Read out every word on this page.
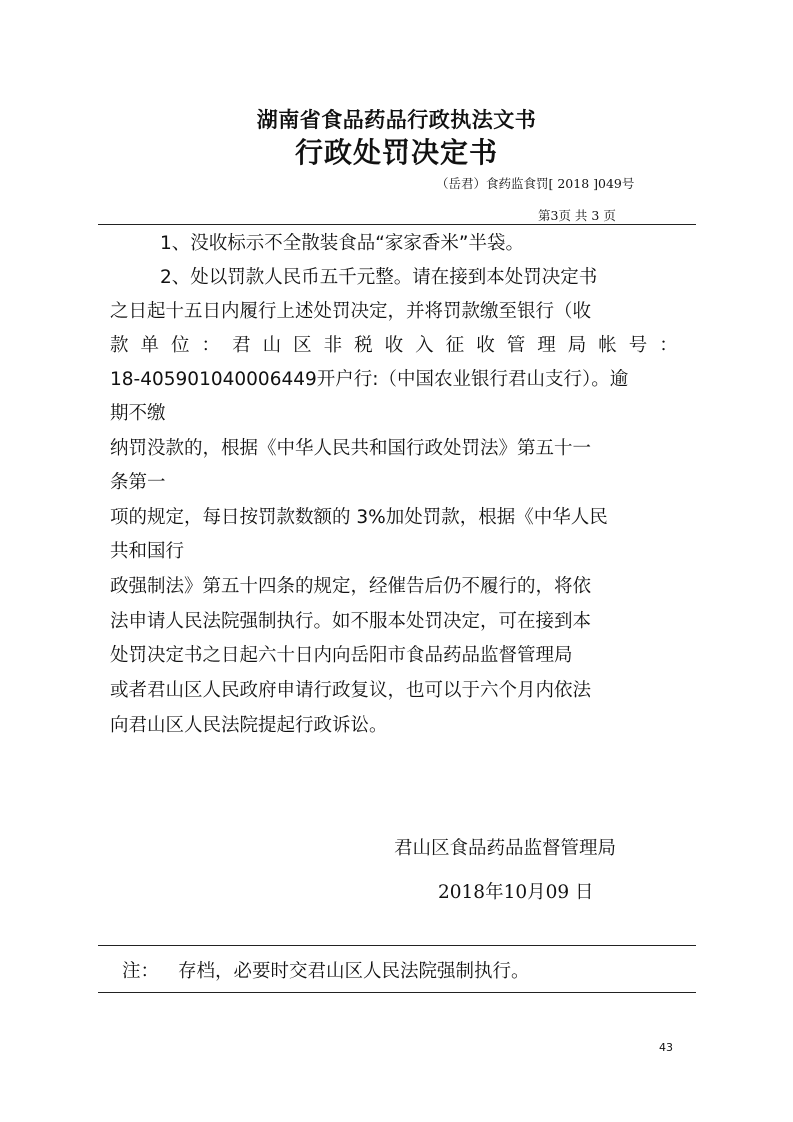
湖南省食品药品行政执法文书
行政处罚决定书
（岳君）食药监食罚[ 2018 ]049号
第3页 共 3 页
1、没收标示不全散装食品“家家香米”半袋。
2、处以罚款人民币五千元整。请在接到本处罚决定书
之日起十五日内履行上述处罚决定，并将罚款缴至银行（收
款 单 位 ： 君 山 区 非 税 收 入 征 收 管 理 局 帐 号 ：
18-405901040006449开户行:（中国农业银行君山支行）。逾
期不缴
纳罚没款的，根据《中华人民共和国行政处罚法》第五十一
条第一
项的规定，每日按罚款数额的 3%加处罚款，根据《中华人民
共和国行
政强制法》第五十四条的规定，经催告后仍不履行的，将依
法申请人民法院强制执行。如不服本处罚决定，可在接到本
处罚决定书之日起六十日内向岳阳市食品药品监督管理局
或者君山区人民政府申请行政复议，也可以于六个月内依法
向君山区人民法院提起行政诉讼。
君山区食品药品监督管理局
2018年10月09 日
注： 存档，必要时交君山区人民法院强制执行。
43
